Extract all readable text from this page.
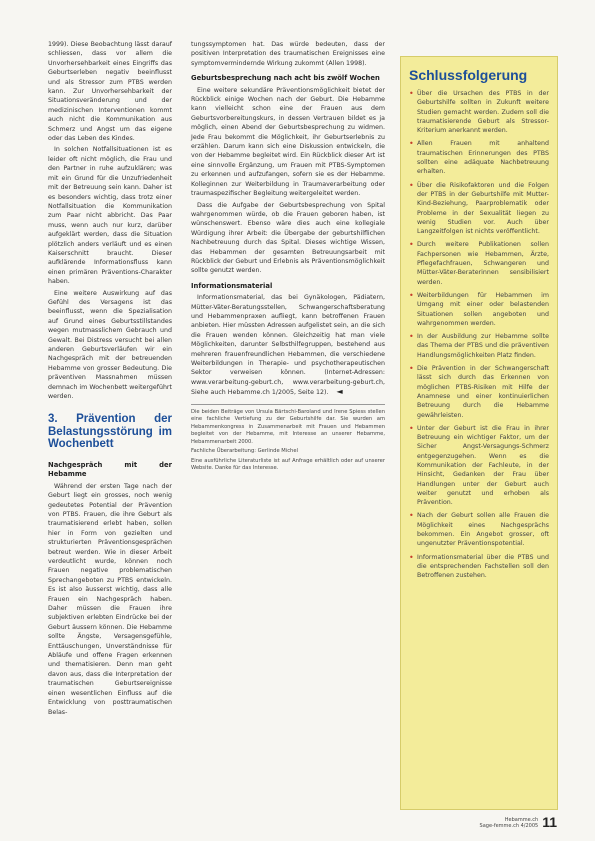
1999). Diese Beobachtung lässt darauf schliessen, dass vor allem die Unvorhersehbarkeit eines Eingriffs das Geburtserleben negativ beeinflusst und als Stressor zum PTBS werden kann. Zur Unvorhersehbarkeit der Situationsveränderung und der medizinischen Interventionen kommt auch nicht die Kommunikation aus Schmerz und Angst um das eigene oder das Leben des Kindes.

In solchen Notfallsituationen ist es leider oft nicht möglich, die Frau und den Partner in ruhe aufzuklären; was mit ein Grund für die Unzufriedenheit mit der Betreuung sein kann. Daher ist es besonders wichtig, dass trotz einer Notfallsituation die Kommunikation zum Paar nicht abbricht. Das Paar muss, wenn auch nur kurz, darüber aufgeklärt werden, dass die Situation plötzlich anders verläuft und es einen Kaiserschnitt braucht. Dieser aufklärende Informationsfluss kann einen primären Präventions-Charakter haben.

Eine weitere Auswirkung auf das Gefühl des Versagens ist das beeinflusst, wenn die Spezialisation auf Grund eines Geburtsstillstandes wegen mutmasslichem Gebrauch und Gewalt. Bei Distress versucht bei allen anderen Geburtsverläufen wir ein Nachgespräch mit der betreuenden Hebamme von grosser Bedeutung. Die präventiven Massnahmen müssen demnach im Wochenbett weitergeführt werden.

3. Prävention der Belastungsstörung im Wochenbett
Nachgespräch mit der Hebamme

Während der ersten Tage nach der Geburt liegt ein grosses, noch wenig gedeutetes Potential der Prävention von PTBS. Frauen, die ihre Geburt als traumatisierend erlebt haben, sollen hier in Form von gezielten und strukturierten Präventionsgesprächen betreut werden. Wie in dieser Arbeit verdeutlicht wurde, können noch Frauen negative problematischen Sprechangeboten zu PTBS entwickeln. Es ist also äusserst wichtig, dass alle Frauen ein Nachgespräch haben. Daher müssen die Frauen ihre subjektiven erlebten Eindrücke bei der Geburt äussern können. Die Hebamme sollte Ängste, Versagensgefühle, Enttäuschungen, Unverständnisse für Abläufe und offene Fragen erkennen und thematisieren. Denn man geht davon aus, dass die Interpretation der traumatischen Geburtsereignisse einen wesentlichen Einfluss auf die Entwicklung von posttraumatischen Belas-

tungssymptomen hat. Das würde bedeuten, dass der positiven Interpretation des traumatischen Ereignisses eine symptomvermindernde Wirkung zukommt (Allen 1998).

Geburtsbesprechung nach acht bis zwölf Wochen

Eine weitere sekundäre Präventionsmöglichkeit bietet der Rückblick einige Wochen nach der Geburt. Die Hebamme kann vielleicht schon eine der Frauen aus dem Geburtsvorbereitungskurs, in dessen Vertrauen bildet es ja möglich, einen Abend der Geburtsbesprechung zu widmen. Jede Frau bekommt die Möglichkeit, ihr Geburtserlebnis zu erzählen. Darum kann sich eine Diskussion entwickeln, die von der Hebamme begleitet wird. Ein Rückblick dieser Art ist eine sinnvolle Ergänzung, um Frauen mit PTBS-Symptomen zu erkennen und aufzufangen, sofern sie es der Hebamme. Kolleginnen zur Weiterbildung in Traumaverarbeitung oder traumaspezifischer Begleitung weitergeleitet werden.

Dass die Aufgabe der Geburtsbesprechung von Spital wahrgenommen würde, ob die Frauen geboren haben, ist wünschenswert. Ebenso wäre dies auch eine kollegiale Würdigung ihrer Arbeit: die Übergabe der geburtshilflichen Nachbetreuung durch das Spital. Dieses wichtige Wissen, das Hebammen der gesamten Betreuungsarbeit mit Rückblick der Geburt und Erlebnis als Präventionsmöglichkeit sollte genutzt werden.

Informationsmaterial

Informationsmaterial, das bei Gynäkologen, Pädiatern, Mütter-Väter-Beratungsstellen, Schwangerschaftsberatung und Hebammenpraxen aufliegt, kann betroffenen Frauen anbieten. Hier müssten Adressen aufgelistet sein, an die sich die Frauen wenden können. Gleichzeitig hat man viele Möglichkeiten, darunter Selbsthilfegruppen, bestehend aus mehreren frauenfreundlichen Hebammen, die verschiedene Weiterbildungen in Therapie- und psychotherapeutischen Sektor verweisen können. (Internet-Adressen: www.verarbeitung-geburt.ch, www.verarbeitung-geburt.ch, Siehe auch Hebamme.ch 1/2005, Seite 12). ◄

Die beiden Beiträge von Ursula Bärtschi-Baroland und Irene Spiess stellen eine fachliche Vertiefung zu der Geburtshilfe dar. Sie wurden am Hebammenkongress in Zusammenarbeit mit Frauen und Hebammen begleitet von der Hebamme, mit Interesse an unserer Hebamme, Hebammenarbeit 2000.

Fachliche Überarbeitung: Gerlinde Michel

Eine ausführliche Literaturliste ist auf Anfrage erhältlich oder auf unserer Website. Danke für das Interesse.

Schlussfolgerung
• Über die Ursachen des PTBS in der Geburtshilfe sollten in Zukunft weitere Studien gemacht werden. Zudem soll die traumatisierende Geburt als Stressor-Kriterium anerkannt werden.
• Allen Frauen mit anhaltend traumatischen Erinnerungen des PTBS sollten eine adäquate Nachbetreuung erhalten.
• Über die Risikofaktoren und die Folgen der PTBS in der Geburtshilfe mit Mutter-Kind-Beziehung, Paarproblematik oder Probleme in der Sexualität liegen zu wenig Studien vor. Auch über Langzeitfolgen ist nichts veröffentlicht.
• Durch weitere Publikationen sollen Fachpersonen wie Hebammen, Ärzte, Pflegefachfrauen, Schwangeren und Mütter-Väter-Beraterinnen sensibilisiert werden.
• Weiterbildungen für Hebammen im Umgang mit einer oder belastenden Situationen sollen angeboten und wahrgenommen werden.
• In der Ausbildung zur Hebamme sollte das Thema der PTBS und die präventiven Handlungsmöglichkeiten Platz finden.
• Die Prävention in der Schwangerschaft lässt sich durch das Erkennen von möglichen PTBS-Risiken mit Hilfe der Anamnese und einer kontinuierlichen Betreuung durch die Hebamme gewährleisten.
• Unter der Geburt ist die Frau in ihrer Betreuung ein wichtiger Faktor, um der Sicher Angst-Versagungs-Schmerz entgegenzugehen. Wenn es die Kommunikation der Fachleute, in der Hinsicht, Gedanken der Frau über Handlungen unter der Geburt auch weiter genutzt und erhoben als Prävention.
• Nach der Geburt sollen alle Frauen die Möglichkeit eines Nachgesprächs bekommen. Ein Angebot grosser, oft ungenutzter Präventionspotential.
• Informationsmaterial über die PTBS und die entsprechenden Fachstellen soll den Betroffenen zustehen.
Hebamme.ch
Sage-femme.ch 4/2005 11
